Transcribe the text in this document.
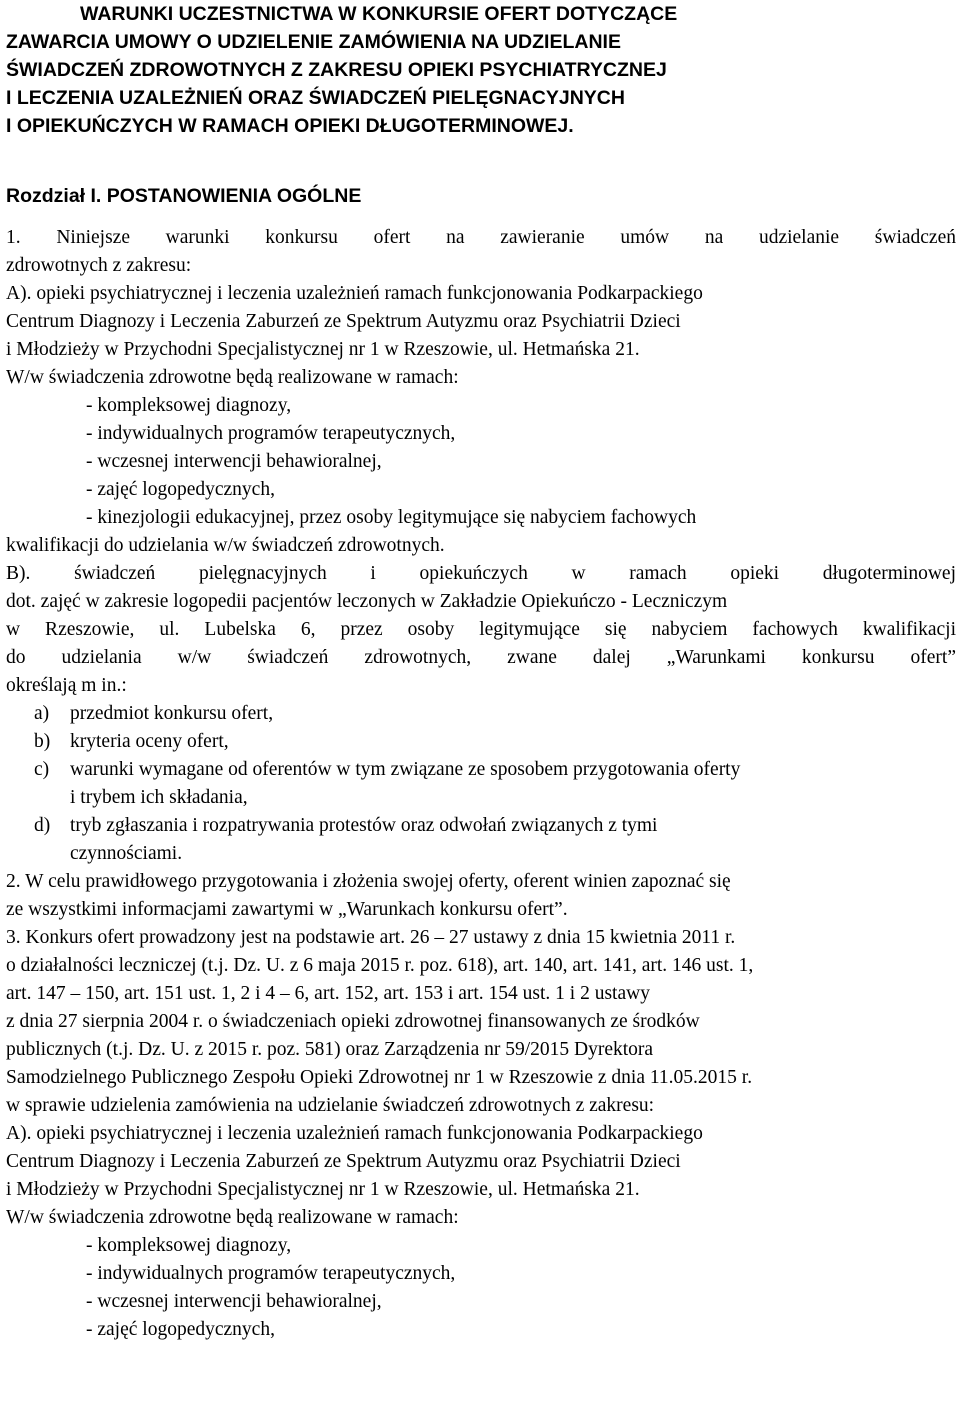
WARUNKI UCZESTNICTWA W KONKURSIE OFERT DOTYCZĄCE
ZAWARCIA UMOWY O UDZIELENIE ZAMÓWIENIA NA UDZIELANIE
ŚWIADCZEŃ ZDROWOTNYCH Z ZAKRESU OPIEKI PSYCHIATRYCZNEJ
I LECZENIA UZALEŻNIEŃ ORAZ ŚWIADCZEŃ PIELĘGNACYJNYCH
I OPIEKUŃCZYCH W RAMACH OPIEKI DŁUGOTERMINOWEJ.
Rozdział I. POSTANOWIENIA OGÓLNE
1. Niniejsze warunki konkursu ofert na zawieranie umów na udzielanie świadczeń
zdrowotnych z zakresu:
A). opieki psychiatrycznej i leczenia uzależnień ramach funkcjonowania Podkarpackiego
Centrum Diagnozy i Leczenia Zaburzeń ze Spektrum Autyzmu oraz Psychiatrii Dzieci
i Młodzieży w Przychodni Specjalistycznej nr 1 w Rzeszowie, ul. Hetmańska 21.
W/w świadczenia zdrowotne będą realizowane w ramach:
- kompleksowej diagnozy,
- indywidualnych programów terapeutycznych,
- wczesnej interwencji behawioralnej,
- zajęć logopedycznych,
- kinezjologii edukacyjnej, przez osoby legitymujące się nabyciem fachowych
kwalifikacji do udzielania w/w świadczeń zdrowotnych.
B). świadczeń pielęgnacyjnych i opiekuńczych w ramach opieki długoterminowej
dot. zajęć w zakresie logopedii pacjentów leczonych w Zakładzie Opiekuńczo - Leczniczym
w Rzeszowie, ul. Lubelska 6, przez osoby legitymujące się nabyciem fachowych kwalifikacji
do udzielania w/w świadczeń zdrowotnych, zwane dalej „Warunkami konkursu ofert”
określają m in.:
a) przedmiot konkursu ofert,
b) kryteria oceny ofert,
c) warunki wymagane od oferentów w tym związane ze sposobem przygotowania oferty
i trybem ich składania,
d) tryb zgłaszania i rozpatrywania protestów oraz odwołań związanych z tymi
czynnościami.
2. W celu prawidłowego przygotowania i złożenia swojej oferty, oferent winien zapoznać się
ze wszystkimi informacjami zawartymi w „Warunkach konkursu ofert”.
3. Konkurs ofert prowadzony jest na podstawie art. 26 – 27 ustawy z dnia 15 kwietnia 2011 r.
o działalności leczniczej (t.j. Dz. U. z 6 maja 2015 r. poz. 618), art. 140, art. 141, art. 146 ust. 1,
art. 147 – 150, art. 151 ust. 1, 2 i 4 – 6, art. 152, art. 153 i art. 154 ust. 1 i 2 ustawy
z dnia 27 sierpnia 2004 r. o świadczeniach opieki zdrowotnej finansowanych ze środków
publicznych (t.j. Dz. U. z 2015 r. poz. 581) oraz Zarządzenia nr 59/2015 Dyrektora
Samodzielnego Publicznego Zespołu Opieki Zdrowotnej nr 1 w Rzeszowie z dnia 11.05.2015 r.
w sprawie udzielenia zamówienia na udzielanie świadczeń zdrowotnych z zakresu:
A). opieki psychiatrycznej i leczenia uzależnień ramach funkcjonowania Podkarpackiego
Centrum Diagnozy i Leczenia Zaburzeń ze Spektrum Autyzmu oraz Psychiatrii Dzieci
i Młodzieży w Przychodni Specjalistycznej nr 1 w Rzeszowie, ul. Hetmańska 21.
W/w świadczenia zdrowotne będą realizowane w ramach:
- kompleksowej diagnozy,
- indywidualnych programów terapeutycznych,
- wczesnej interwencji behawioralnej,
- zajęć logopedycznych,
